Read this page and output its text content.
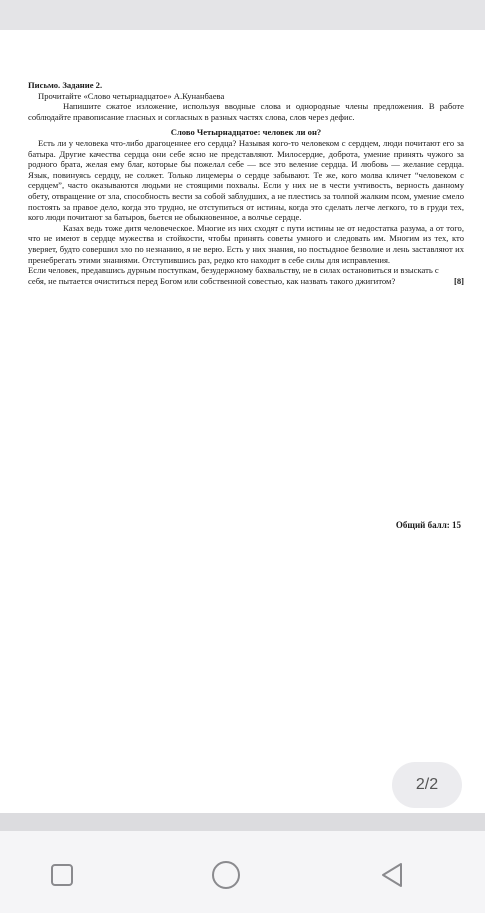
Письмо. Задание 2.

Прочитайте «Слово четырнадцатое» А.Кунанбаева

Напишите сжатое изложение, используя вводные слова и однородные члены предложения. В работе соблюдайте правописание гласных и согласных в разных частях слова, слов через дефис.

Слово Четырнадцатое: человек ли он?

Есть ли у человека что-либо драгоценнее его сердца? Называя кого-то человеком с сердцем, люди почитают его за батыра. Другие качества сердца они себе ясно не представляют. Милосердие, доброта, умение принять чужого за родного брата, желая ему благ, которые бы пожелал себе — все это веление сердца. И любовь — желание сердца. Язык, повинуясь сердцу, не солжет. Только лицемеры о сердце забывают. Те же, кого молва кличет “человеком с сердцем”, часто оказываются людьми не стоящими похвалы. Если у них не в чести учтивость, верность данному обету, отвращение от зла, способность вести за собой заблудших, а не плестись за толпой жалким псом, умение смело постоять за правое дело, когда это трудно, не отступиться от истины, когда это сделать легче легкого, то в груди тех, кого люди почитают за батыров, бьется не обыкновенное, а волчье сердце.

Казах ведь тоже дитя человеческое. Многие из них сходят с пути истины не от недостатка разума, а от того, что не имеют в сердце мужества и стойкости, чтобы принять советы умного и следовать им. Многим из тех, кто уверяет, будто совершил зло по незнанию, я не верю. Есть у них знания, но постыдное безволие и лень заставляют их пренебрегать этими знаниями. Отступившись раз, редко кто находит в себе силы для исправления.

Если человек, предавшись дурным поступкам, безудержному бахвальству, не в силах остановиться и взыскать с себя, не пытается очиститься перед Богом или собственной совестью, как назвать такого джигитом?	[8]
Общий балл: 15
2/2
